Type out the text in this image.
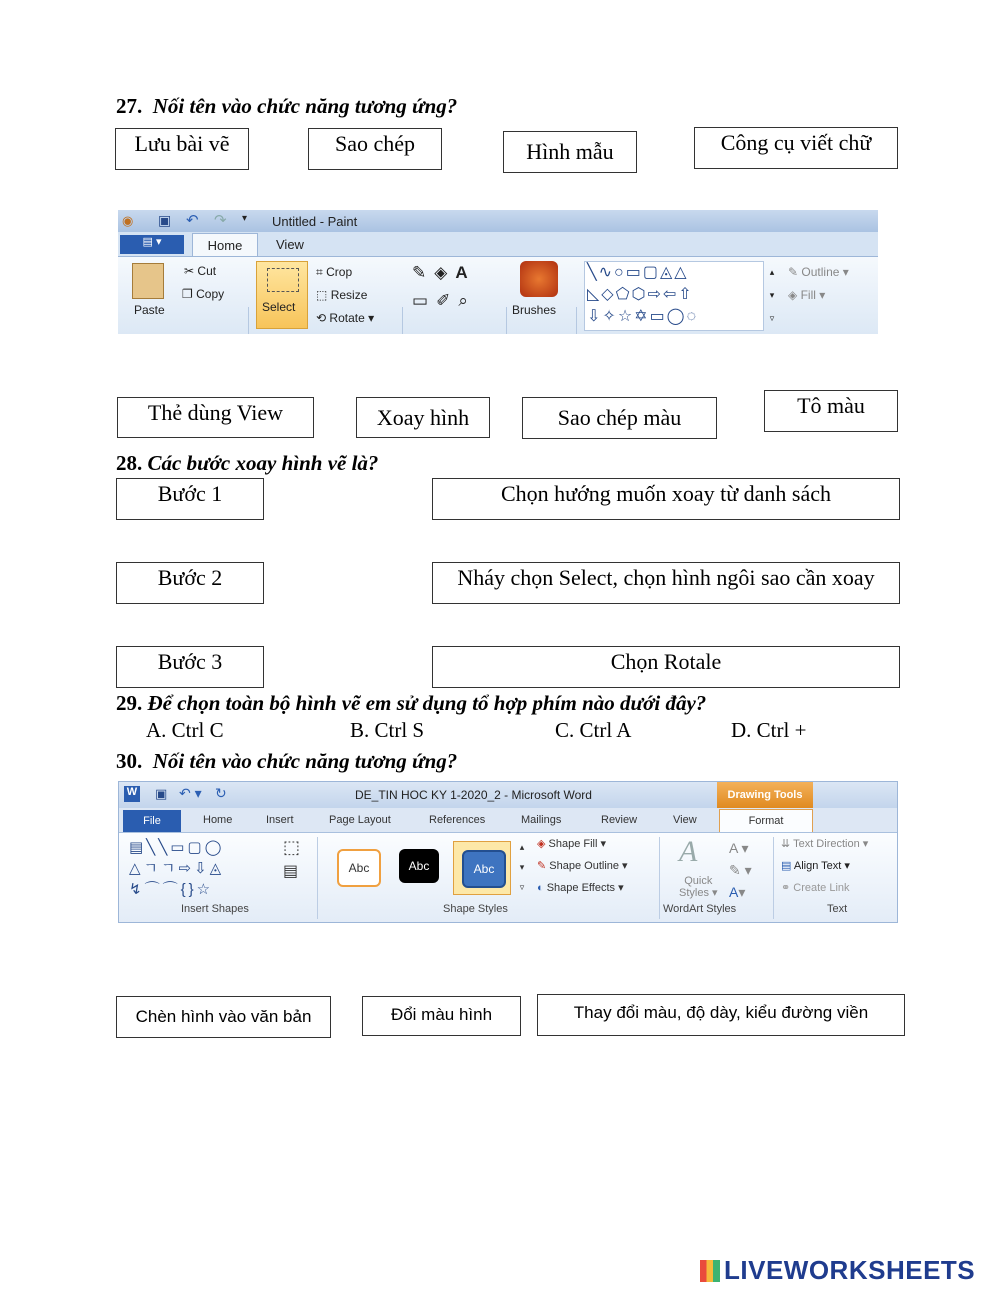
27. Nối tên vào chức năng tương ứng?
Lưu bài vẽ	Sao chép	Hình mẫu	Công cụ viết chữ
◉ ▣ ↶ ↷ ▾ Untitled - Paint
▤ ▾	Home	View
Paste
✂ Cut
❐ Copy
Select
⌗ Crop
⬚ Resize
⟲ Rotate ▾
✎◈A
▭✐⌕	Brushes
╲∿○▭▢◬△
◺◇⬠⬡⇨⇦⇧
⇩✧☆✡▭◯◌
▴
▾
▿
✎ Outline ▾
◈ Fill ▾
Thẻ dùng View	Xoay hình	Sao chép màu	Tô màu
28. Các bước xoay hình vẽ là?
Bước 1	Chọn hướng muốn xoay từ danh sách
Bước 2	Nháy chọn Select, chọn hình ngôi sao cần xoay
Bước 3	Chọn Rotale
29. Để chọn toàn bộ hình vẽ em sử dụng tổ hợp phím nào dưới đây?
A. Ctrl C	B. Ctrl S	C. Ctrl A	D. Ctrl +
30. Nối tên vào chức năng tương ứng?
W ▣ ↶ ▾ ↻	DE_TIN HOC KY 1-2020_2 - Microsoft Word	Drawing Tools
File	Home	Insert	Page Layout	References	Mailings	Review	View	Format
▤╲╲▭▢◯
△ㄱㄱ⇨⇩◬
↯⌒⌒{}☆
⬚
▤
Insert Shapes
Abc	Abc	Abc
▴
▾
▿
◈ Shape Fill ▾
✎ Shape Outline ▾
◐ Shape Effects ▾
Shape Styles
A
Quick
Styles ▾
A ▾
✎ ▾
A▾
WordArt Styles
⇊ Text Direction ▾
▤ Align Text ▾
⚭ Create Link
Text
Chèn hình vào văn bản	Đổi màu hình	Thay đổi màu, độ dày, kiểu đường viền
LIVEWORKSHEETS
